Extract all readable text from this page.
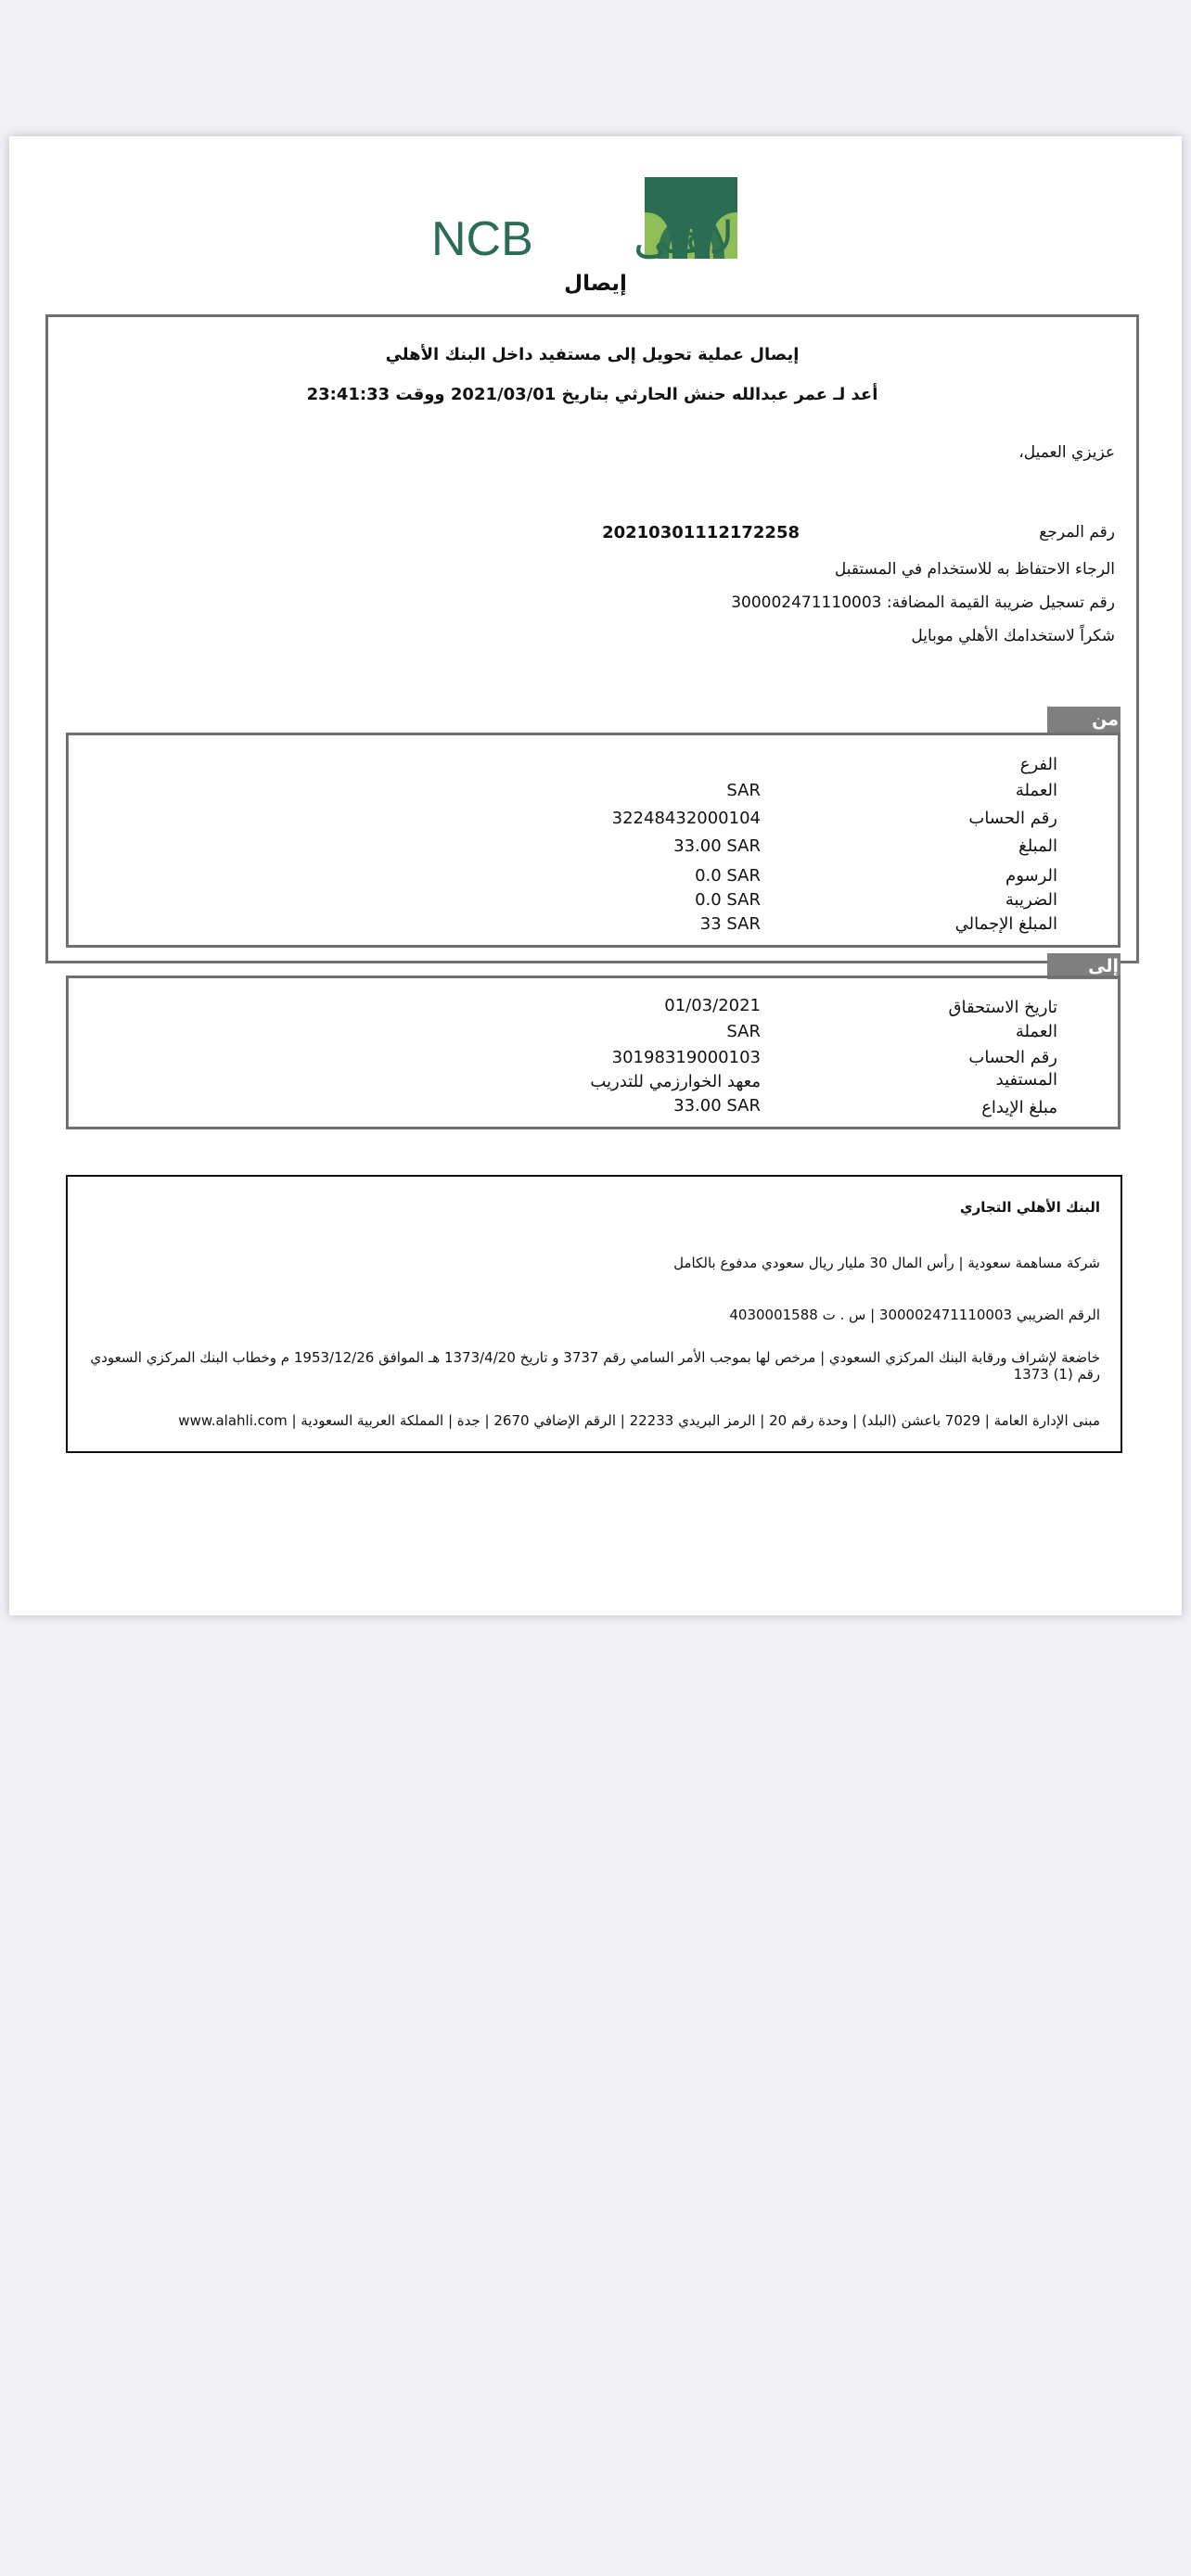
NCB الأهلي
إيصال
إيصال عملية تحويل إلى مستفيد داخل البنك الأهلي
أعد لـ عمر عبدالله حنش الحارثي بتاريخ 2021/03/01 ووقت 23:41:33
عزيزي العميل،
رقم المرجع
20210301112172258
الرجاء الاحتفاظ به للاستخدام في المستقبل
رقم تسجيل ضريبة القيمة المضافة: 300002471110003
شكراً لاستخدامك الأهلي موبايل
من
الفرع
العملة
SAR
رقم الحساب
32248432000104
المبلغ
33.00 SAR
الرسوم
0.0 SAR
الضريبة
0.0 SAR
المبلغ الإجمالي
33 SAR
إلى
تاريخ الاستحقاق
01/03/2021
العملة
SAR
رقم الحساب
30198319000103
المستفيد
معهد الخوارزمي للتدريب
مبلغ الإيداع
33.00 SAR
البنك الأهلي التجاري
شركة مساهمة سعودية | رأس المال 30 مليار ريال سعودي مدفوع بالكامل
الرقم الضريبي 300002471110003 | س . ت 4030001588
خاضعة لإشراف ورقابة البنك المركزي السعودي | مرخص لها بموجب الأمر السامي رقم 3737 و تاريخ 1373/4/20 هـ الموافق 1953/12/26 م وخطاب البنك المركزي السعودي رقم (1) 1373
مبنى الإدارة العامة | 7029 باعشن (البلد) | وحدة رقم 20 | الرمز البريدي 22233 | الرقم الإضافي 2670 | جدة | المملكة العربية السعودية | www.alahli.com
